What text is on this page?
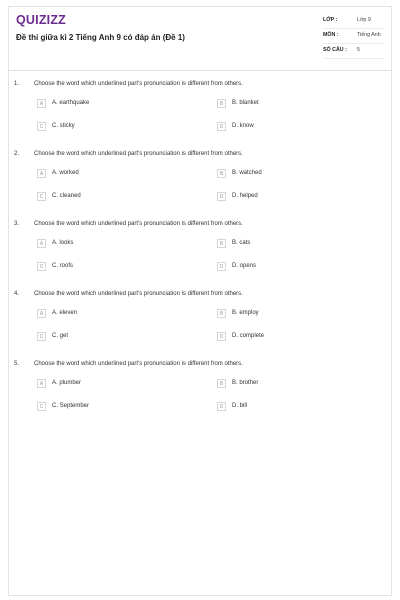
QUIZIZZ
Đề thi giữa kì 2 Tiếng Anh 9 có đáp án (Đề 1)
LỚP :	Lớp 9
MÔN :	Tiếng Anh
SỐ CÂU : 5
1. Choose the word which underlined part's pronunciation is different from others.
A	A. earthquake	B	B. blanket
C	C. sticky	D	D. know
2. Choose the word which underlined part's pronunciation is different from others.
A	A. worked	B	B. watched
C	C. cleaned	D	D. helped
3. Choose the word which underlined part's pronunciation is different from others.
A	A. looks	B	B. cats
C	C. roofs	D	D. opens
4. Choose the word which underlined part's pronunciation is different from others.
A	A. eleven	B	B. employ
C	C. get	D	D. complete
5. Choose the word which underlined part's pronunciation is different from others.
A	A. plumber	B	B. brother
C	C. September	D	D. bill
